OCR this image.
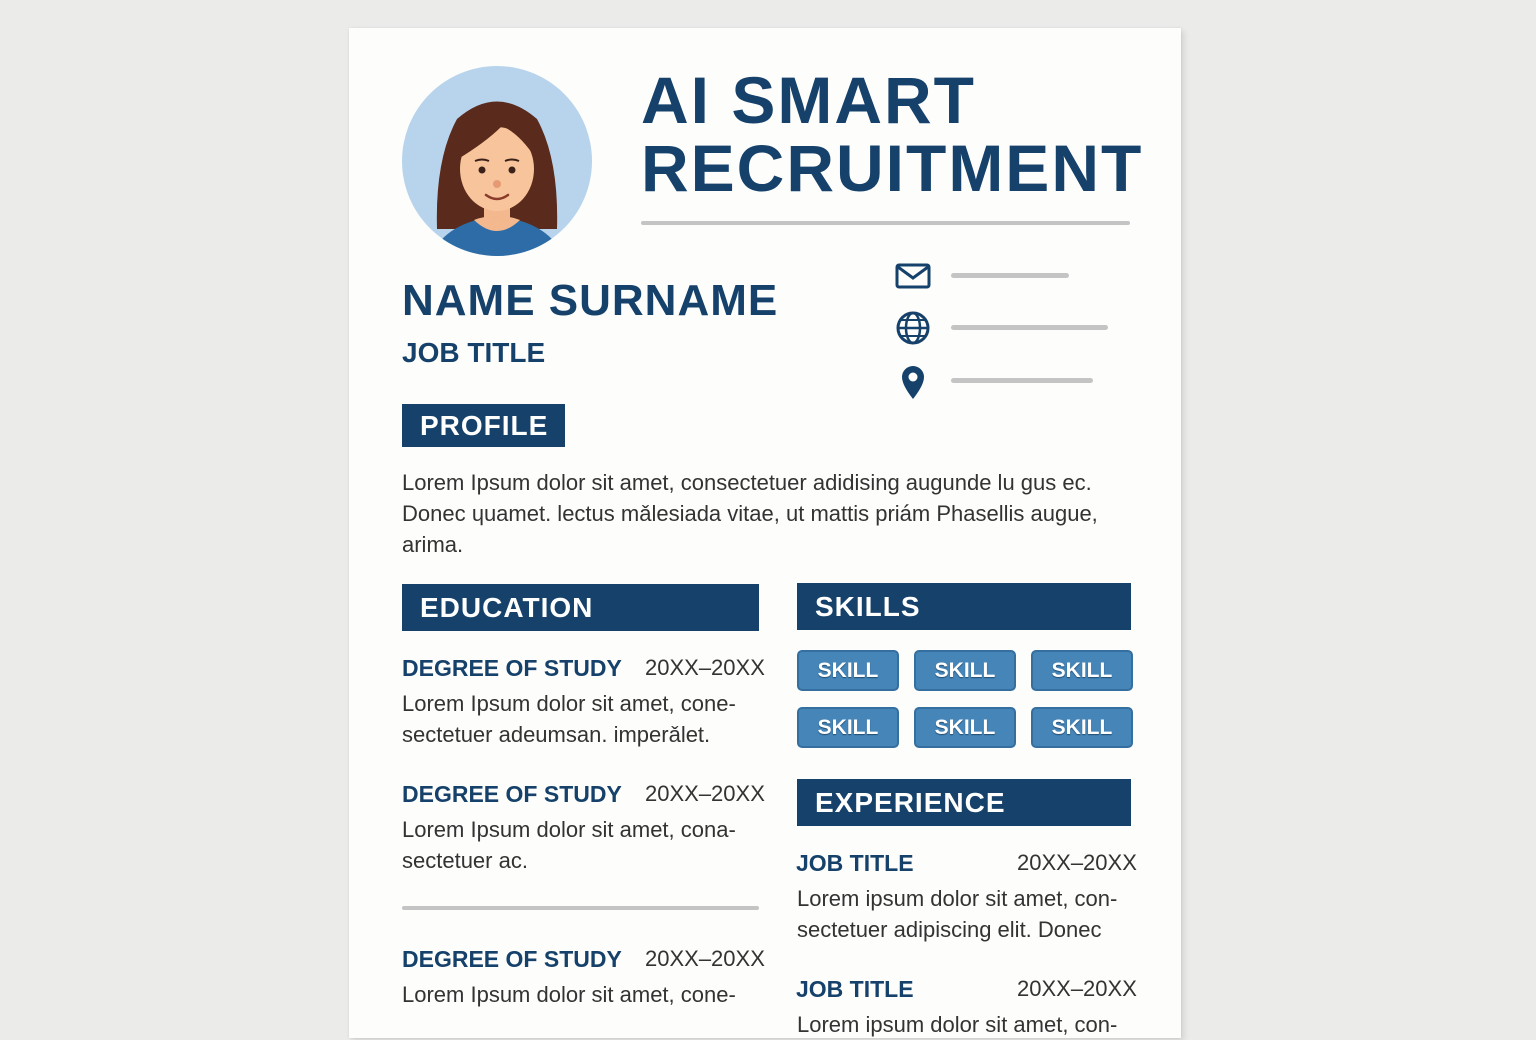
AI SMART
RECRUITMENT
NAME SURNAME
JOB TITLE
PROFILE
Lorem Ipsum dolor sit amet, consectetuer adidising augunde lu gus ec.
Donec ɥuamet. lectus mǎlesiada vitae, ut mattis priám Phasellis augue,
arima.
EDUCATION
DEGREE OF STUDY 20XX–20XX
Lorem Ipsum dolor sit amet, cone-
sectetuer adeumsan. imperǎlet.
DEGREE OF STUDY 20XX–20XX
Lorem Ipsum dolor sit amet, cona-
sectetuer ac.
DEGREE OF STUDY 20XX–20XX
Lorem Ipsum dolor sit amet, cone-
SKILLS
SKILL	SKILL	SKILL
SKILL	SKILL	SKILL
EXPERIENCE
JOB TITLE	20XX–20XX
Lorem ipsum dolor sit amet, con-
sectetuer adipiscing elit. Donec
JOB TITLE	20XX–20XX
Lorem ipsum dolor sit amet, con-
